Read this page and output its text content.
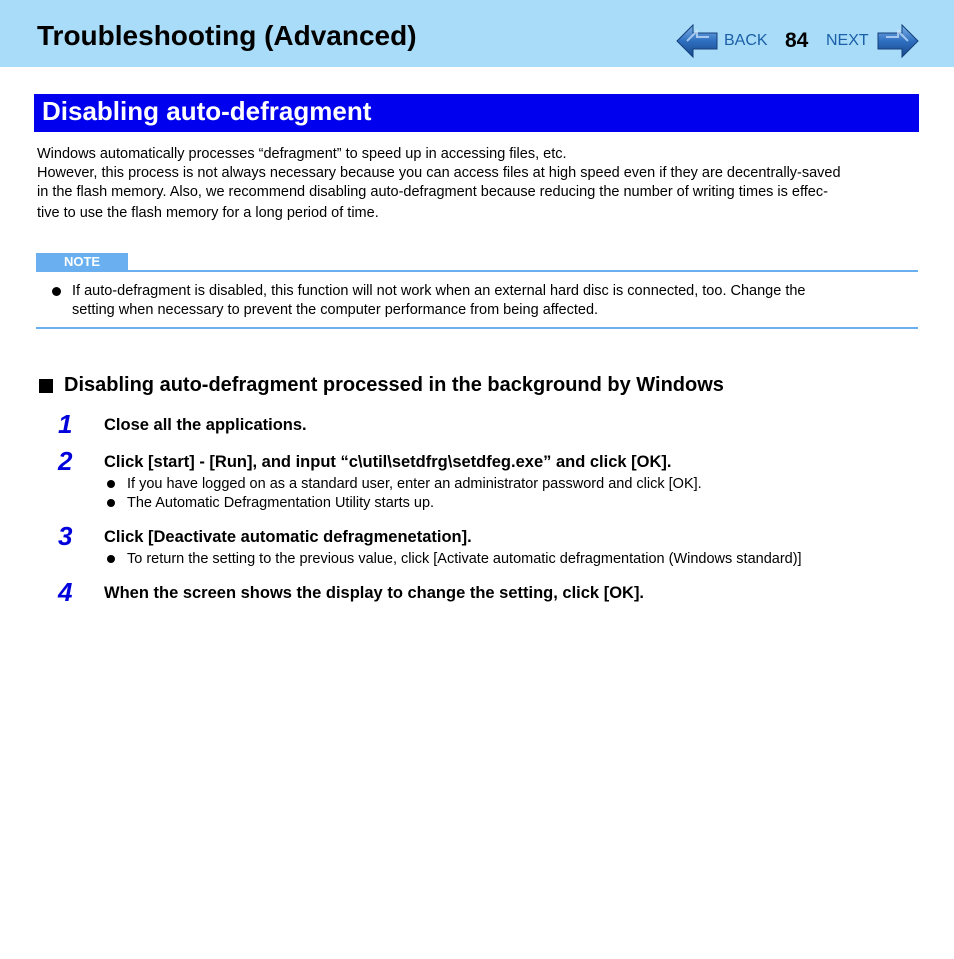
Troubleshooting (Advanced)	BACK 84 NEXT
Disabling auto-defragment

Windows automatically processes “defragment” to speed up in accessing files, etc.

However, this process is not always necessary because you can access files at high speed even if they are decentrally-saved

in the flash memory. Also, we recommend disabling auto-defragment because reducing the number of writing times is effec-

tive to use the flash memory for a long period of time.

NOTE

If auto-defragment is disabled, this function will not work when an external hard disc is connected, too. Change the

setting when necessary to prevent the computer performance from being affected.

Disabling auto-defragment processed in the background by Windows
1 Close all the applications.
2 Click [start] - [Run], and input “c\util\setdfrg\setdfeg.exe” and click [OK].
If you have logged on as a standard user, enter an administrator password and click [OK].
The Automatic Defragmentation Utility starts up.
3 Click [Deactivate automatic defragmenetation].
To return the setting to the previous value, click [Activate automatic defragmentation (Windows standard)]
4 When the screen shows the display to change the setting, click [OK].
